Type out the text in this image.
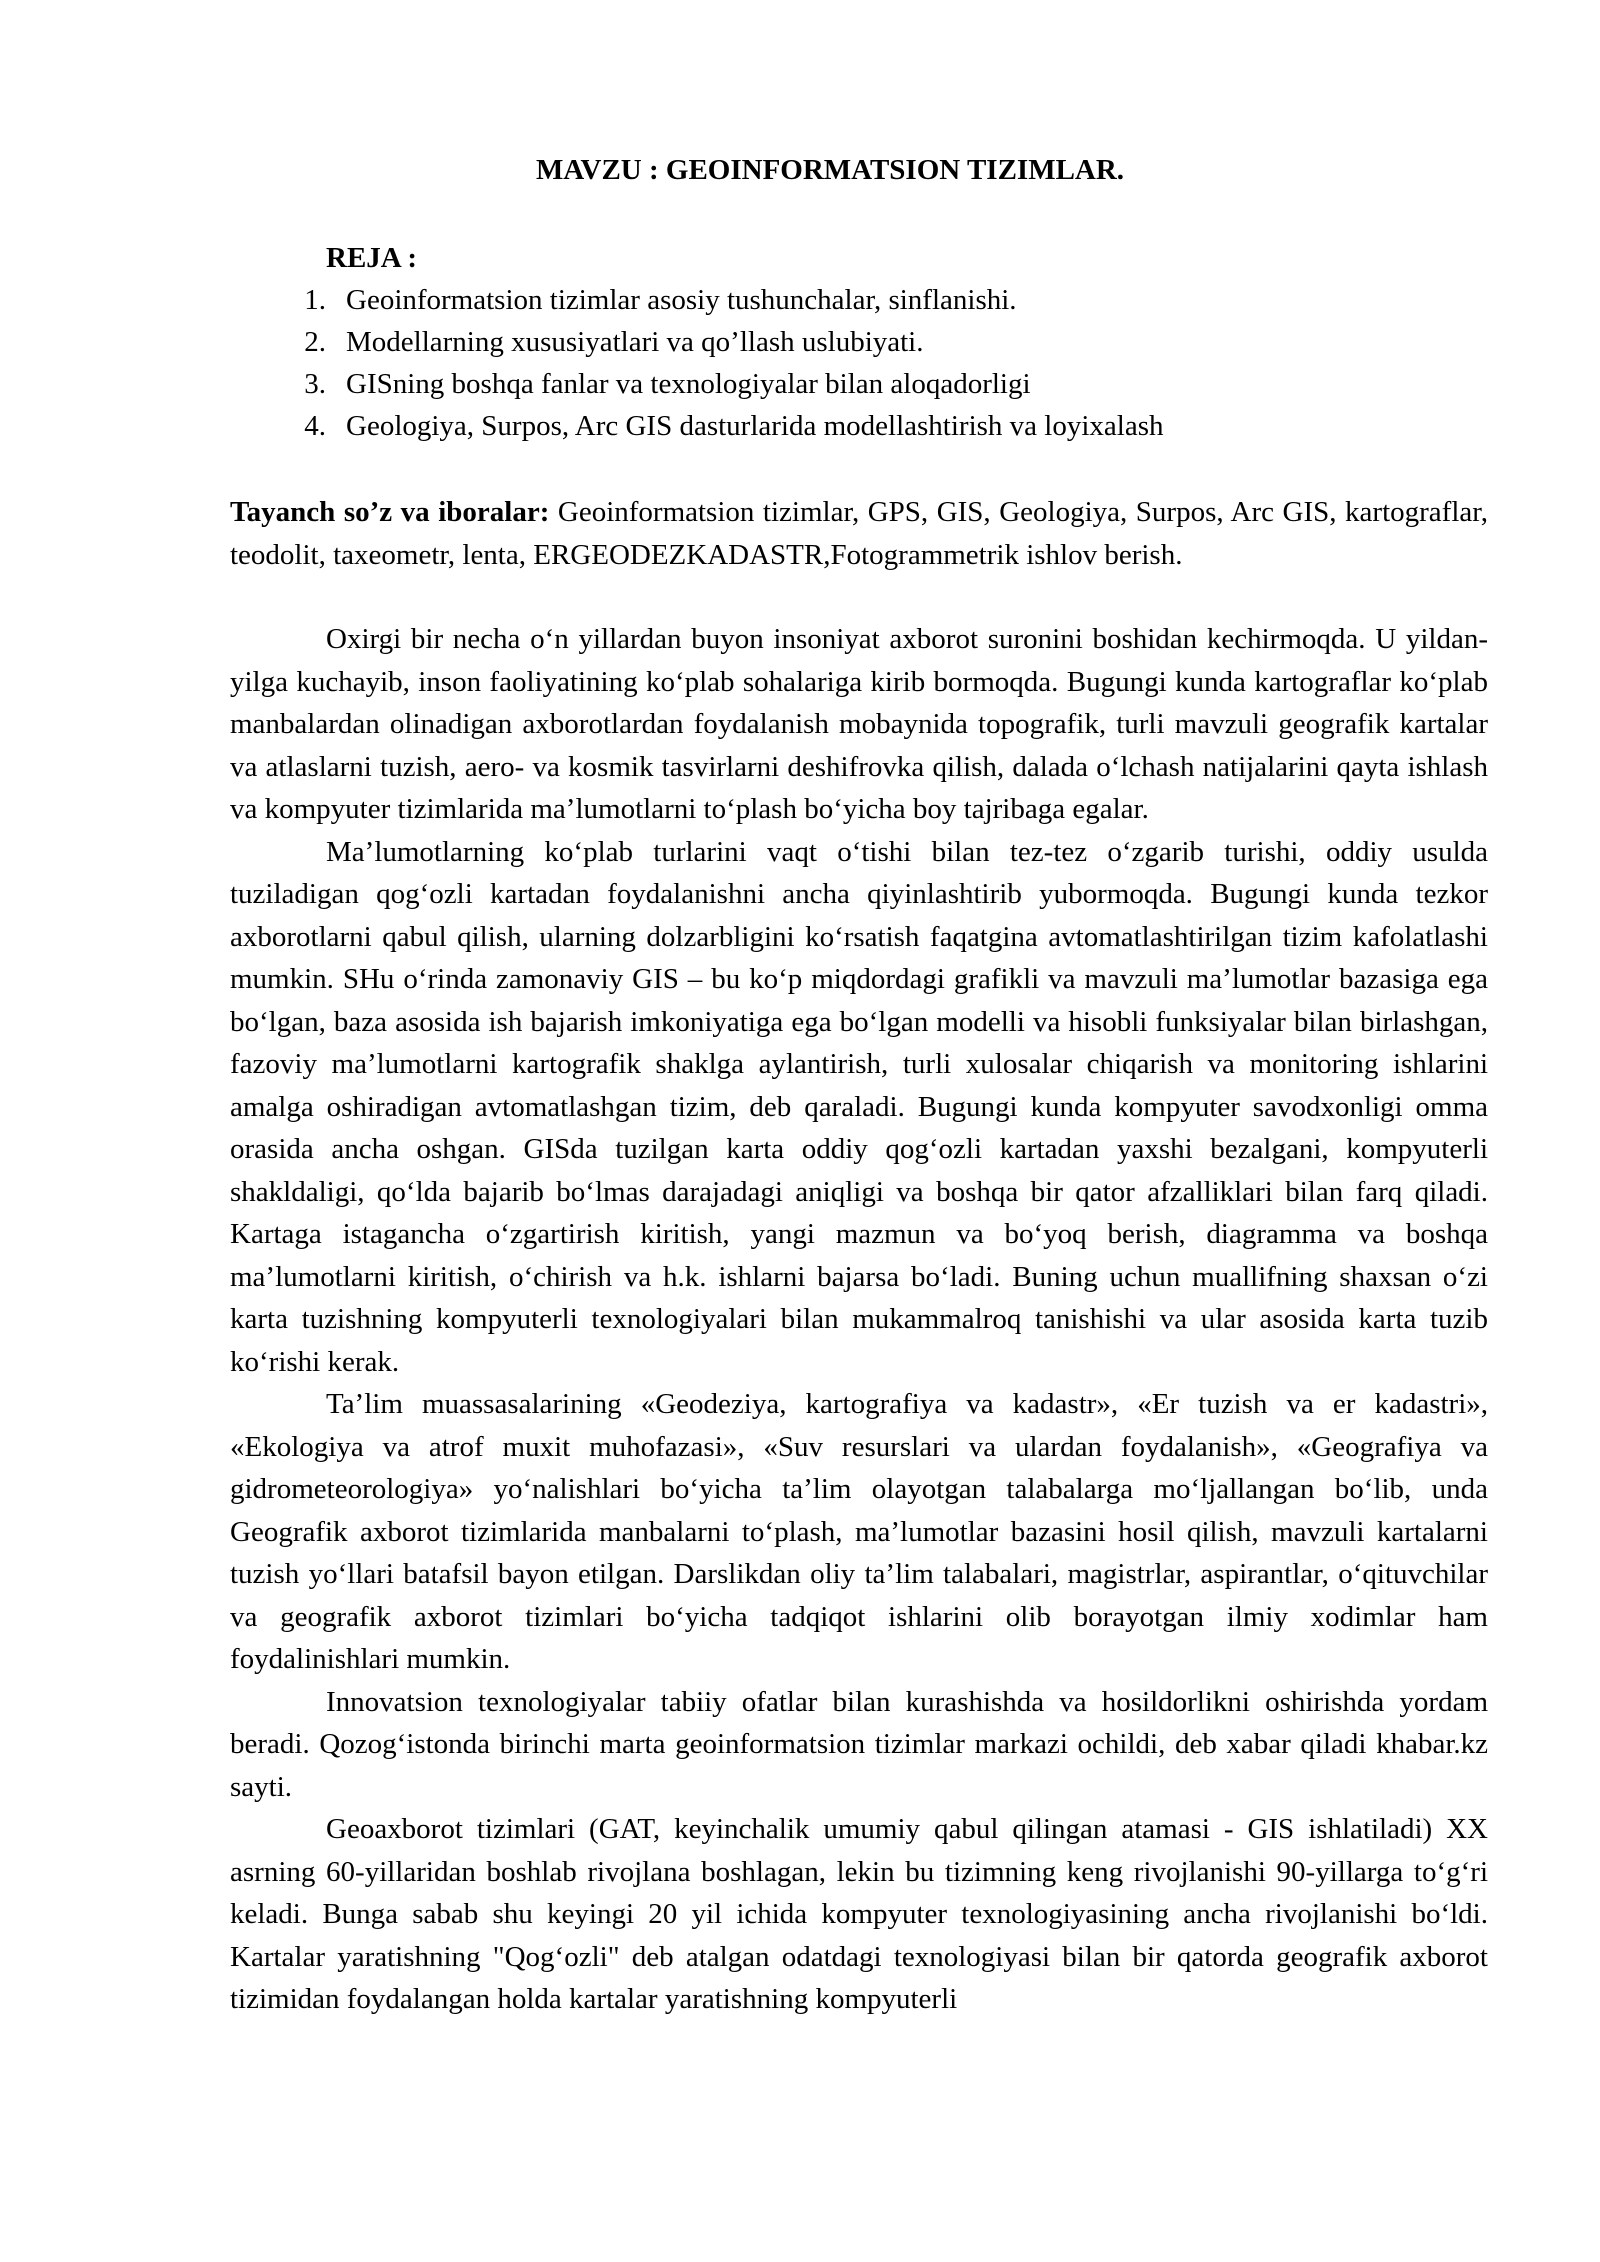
MAVZU : GEOINFORMATSION TIZIMLAR.
REJA :
1. Geoinformatsion tizimlar asosiy tushunchalar, sinflanishi.
2. Modellarning xususiyatlari va qo’llash uslubiyati.
3. GISning boshqa fanlar va texnologiyalar bilan aloqadorligi
4. Geologiya, Surpos, Arc GIS dasturlarida modellashtirish va loyixalash

Tayanch so’z va iboralar: Geoinformatsion tizimlar, GPS, GIS, Geologiya, Surpos, Arc GIS, kartograflar, teodolit, taxeometr, lenta, ERGEODEZKADASTR,Fotogrammetrik ishlov berish.

Oxirgi bir necha o‘n yillardan buyon insoniyat axborot suronini boshidan kechirmoqda. U yildan-yilga kuchayib, inson faoliyatining ko‘plab sohalariga kirib bormoqda. Bugungi kunda kartograflar ko‘plab manbalardan olinadigan axborotlardan foydalanish mobaynida topografik, turli mavzuli geografik kartalar va atlaslarni tuzish, aero- va kosmik tasvirlarni deshifrovka qilish, dalada o‘lchash natijalarini qayta ishlash va kompyuter tizimlarida ma’lumotlarni to‘plash bo‘yicha boy tajribaga egalar.

Ma’lumotlarning ko‘plab turlarini vaqt o‘tishi bilan tez-tez o‘zgarib turishi, oddiy usulda tuziladigan qog‘ozli kartadan foydalanishni ancha qiyinlashtirib yubormoqda. Bugungi kunda tezkor axborotlarni qabul qilish, ularning dolzarbligini ko‘rsatish faqatgina avtomatlashtirilgan tizim kafolatlashi mumkin. SHu o‘rinda zamonaviy GIS – bu ko‘p miqdordagi grafikli va mavzuli ma’lumotlar bazasiga ega bo‘lgan, baza asosida ish bajarish imkoniyatiga ega bo‘lgan modelli va hisobli funksiyalar bilan birlashgan, fazoviy ma’lumotlarni kartografik shaklga aylantirish, turli xulosalar chiqarish va monitoring ishlarini amalga oshiradigan avtomatlashgan tizim, deb qaraladi. Bugungi kunda kompyuter savodxonligi omma orasida ancha oshgan. GISda tuzilgan karta oddiy qog‘ozli kartadan yaxshi bezalgani, kompyuterli shakldaligi, qo‘lda bajarib bo‘lmas darajadagi aniqligi va boshqa bir qator afzalliklari bilan farq qiladi. Kartaga istagancha o‘zgartirish kiritish, yangi mazmun va bo‘yoq berish, diagramma va boshqa ma’lumotlarni kiritish, o‘chirish va h.k. ishlarni bajarsa bo‘ladi. Buning uchun muallifning shaxsan o‘zi karta tuzishning kompyuterli texnologiyalari bilan mukammalroq tanishishi va ular asosida karta tuzib ko‘rishi kerak.

Ta’lim muassasalarining «Geodeziya, kartografiya va kadastr», «Er tuzish va er kadastri», «Ekologiya va atrof muxit muhofazasi», «Suv resurslari va ulardan foydalanish», «Geografiya va gidrometeorologiya» yo‘nalishlari bo‘yicha ta’lim olayotgan talabalarga mo‘ljallangan bo‘lib, unda Geografik axborot tizimlarida manbalarni to‘plash, ma’lumotlar bazasini hosil qilish, mavzuli kartalarni tuzish yo‘llari batafsil bayon etilgan. Darslikdan oliy ta’lim talabalari, magistrlar, aspirantlar, o‘qituvchilar va geografik axborot tizimlari bo‘yicha tadqiqot ishlarini olib borayotgan ilmiy xodimlar ham foydalinishlari mumkin.

Innovatsion texnologiyalar tabiiy ofatlar bilan kurashishda va hosildorlikni oshirishda yordam beradi. Qozog‘istonda birinchi marta geoinformatsion tizimlar markazi ochildi, deb xabar qiladi khabar.kz sayti.

Geoaxborot tizimlari (GAT, keyinchalik umumiy qabul qilingan atamasi - GIS ishlatiladi) XX asrning 60-yillaridan boshlab rivojlana boshlagan, lekin bu tizimning keng rivojlanishi 90-yillarga to‘g‘ri keladi. Bunga sabab shu keyingi 20 yil ichida kompyuter texnologiyasining ancha rivojlanishi bo‘ldi. Kartalar yaratishning "Qog‘ozli" deb atalgan odatdagi texnologiyasi bilan bir qatorda geografik axborot tizimidan foydalangan holda kartalar yaratishning kompyuterli
